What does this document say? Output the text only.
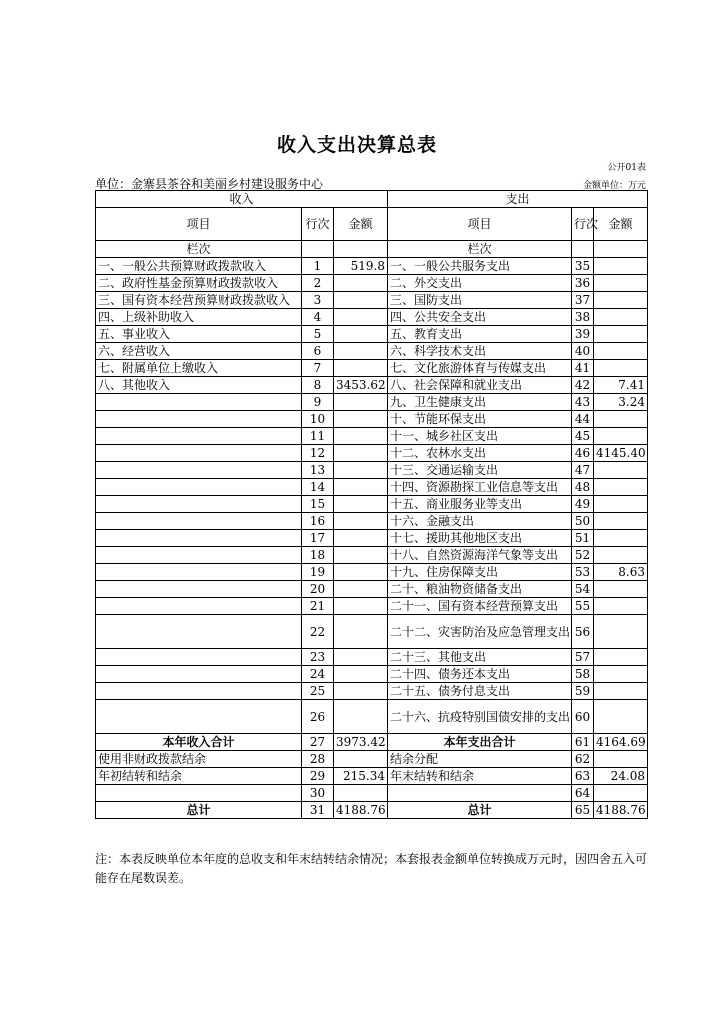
收入支出决算总表
公开01表
单位：金寨县茶谷和美丽乡村建设服务中心	金额单位：万元
收入			支出		
项目	行次	金额	项目	行次	金额
栏次			栏次		
一、一般公共预算财政拨款收入	1	519.8	一、一般公共服务支出	35	
二、政府性基金预算财政拨款收入	2		二、外交支出	36	
三、国有资本经营预算财政拨款收入	3		三、国防支出	37	
四、上级补助收入	4		四、公共安全支出	38	
五、事业收入	5		五、教育支出	39	
六、经营收入	6		六、科学技术支出	40	
七、附属单位上缴收入	7		七、文化旅游体育与传媒支出	41	
八、其他收入	8	3453.62	八、社会保障和就业支出	42	7.41
	9		九、卫生健康支出	43	3.24
	10		十、节能环保支出	44	
	11		十一、城乡社区支出	45	
	12		十二、农林水支出	46	4145.40
	13		十三、交通运输支出	47	
	14		十四、资源勘探工业信息等支出	48	
	15		十五、商业服务业等支出	49	
	16		十六、金融支出	50	
	17		十七、援助其他地区支出	51	
	18		十八、自然资源海洋气象等支出	52	
	19		十九、住房保障支出	53	8.63
	20		二十、粮油物资储备支出	54	
	21		二十一、国有资本经营预算支出	55	
	22		二十二、灾害防治及应急管理支出	56	
	23		二十三、其他支出	57	
	24		二十四、债务还本支出	58	
	25		二十五、债务付息支出	59	
	26		二十六、抗疫特别国债安排的支出	60	
本年收入合计	27	3973.42	本年支出合计	61	4164.69
使用非财政拨款结余	28		结余分配	62	
年初结转和结余	29	215.34	年末结转和结余	63	24.08
	30			64	
总计	31	4188.76	总计	65	4188.76
注：本表反映单位本年度的总收支和年末结转结余情况；本套报表金额单位转换成万元时，因四舍五入可能存在尾数误差。
